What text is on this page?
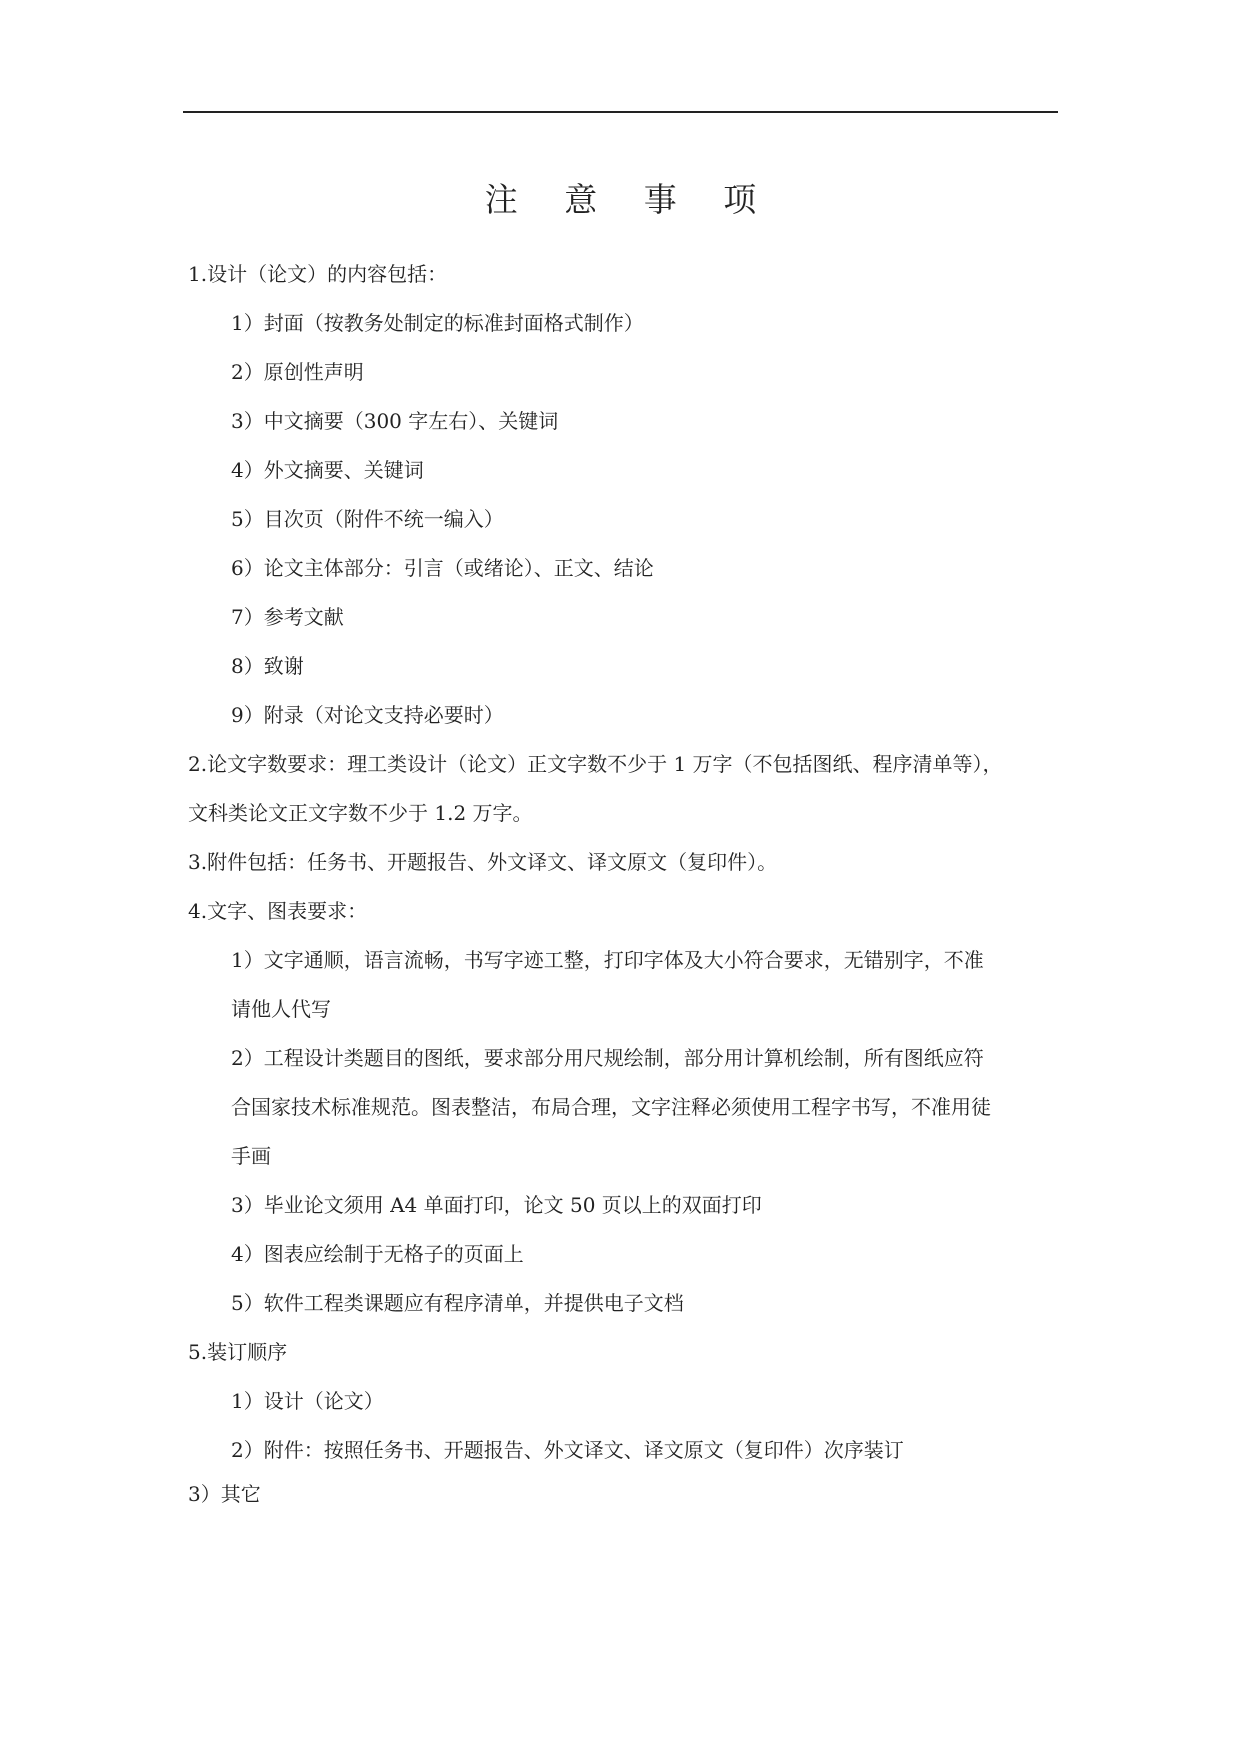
注 意 事 项
1.设计（论文）的内容包括：
1）封面（按教务处制定的标准封面格式制作）
2）原创性声明
3）中文摘要（300 字左右）、关键词
4）外文摘要、关键词
5）目次页（附件不统一编入）
6）论文主体部分：引言（或绪论）、正文、结论
7）参考文献
8）致谢
9）附录（对论文支持必要时）
2.论文字数要求：理工类设计（论文）正文字数不少于 1 万字（不包括图纸、程序清单等），
文科类论文正文字数不少于 1.2 万字。
3.附件包括：任务书、开题报告、外文译文、译文原文（复印件）。
4.文字、图表要求：
1）文字通顺，语言流畅，书写字迹工整，打印字体及大小符合要求，无错别字，不准
请他人代写
2）工程设计类题目的图纸，要求部分用尺规绘制，部分用计算机绘制，所有图纸应符
合国家技术标准规范。图表整洁，布局合理，文字注释必须使用工程字书写，不准用徒
手画
3）毕业论文须用 A4 单面打印，论文 50 页以上的双面打印
4）图表应绘制于无格子的页面上
5）软件工程类课题应有程序清单，并提供电子文档
5.装订顺序
1）设计（论文）
2）附件：按照任务书、开题报告、外文译文、译文原文（复印件）次序装订
3）其它
